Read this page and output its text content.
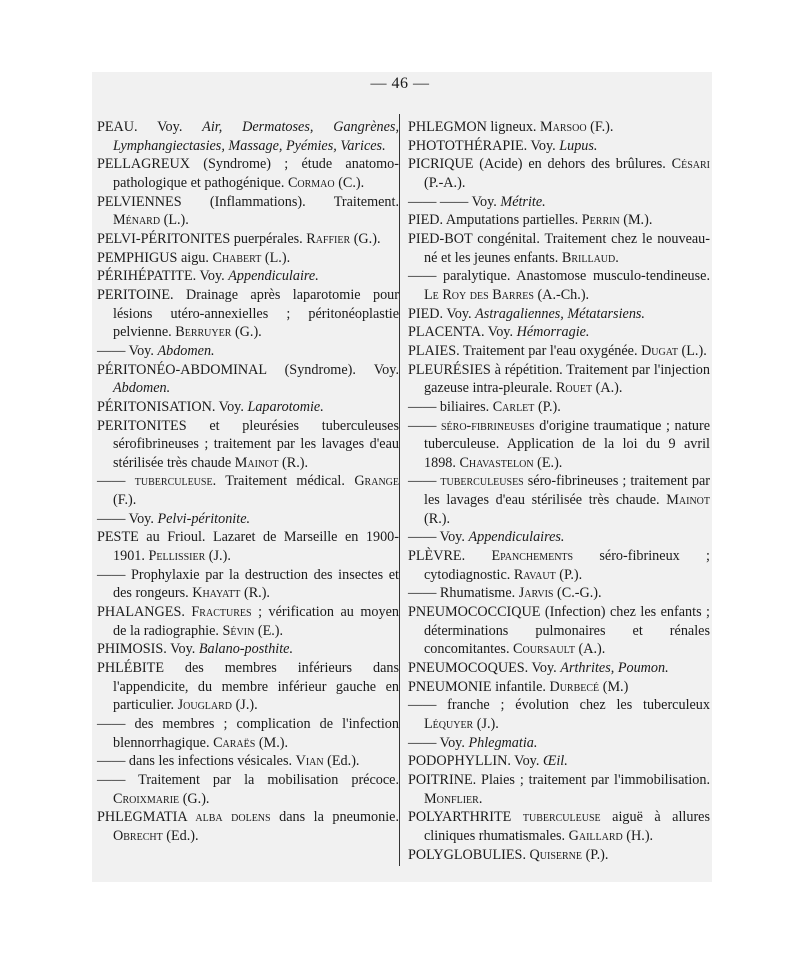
— 46 —

PEAU. Voy. Air, Dermatoses, Gangrènes, Lymphangiectasies, Massage, Pyémies, Varices.

PELLAGREUX (Syndrome) ; étude anatomo-pathologique et pathogénique. Cormao (C.).

PELVIENNES (Inflammations). Traitement. Ménard (L.).

PELVI-PÉRITONITES puerpérales. Raffier (G.).

PEMPHIGUS aigu. Chabert (L.).

PÉRIHÉPATITE. Voy. Appendiculaire.

PERITOINE. Drainage après laparotomie pour lésions utéro-annexielles ; péritonéoplastie pelvienne. Berruyer (G.).

—— Voy. Abdomen.

PÉRITONÉO-ABDOMINAL (Syndrome). Voy. Abdomen.

PÉRITONISATION. Voy. Laparotomie.

PERITONITES et pleurésies tuberculeuses sérofibrineuses ; traitement par les lavages d'eau stérilisée très chaude Mainot (R.).

—— tuberculeuse. Traitement médical. Grange (F.).

—— Voy. Pelvi-péritonite.

PESTE au Frioul. Lazaret de Marseille en 1900-1901. Pellissier (J.).

—— Prophylaxie par la destruction des insectes et des rongeurs. Khayatt (R.).

PHALANGES. Fractures ; vérification au moyen de la radiographie. Sévin (E.).

PHIMOSIS. Voy. Balano-posthite.

PHLÉBITE des membres inférieurs dans l'appendicite, du membre inférieur gauche en particulier. Jouglard (J.).

—— des membres ; complication de l'infection blennorrhagique. Caraës (M.).

—— dans les infections vésicales. Vian (Ed.).

—— Traitement par la mobilisation précoce. Croixmarie (G.).

PHLEGMATIA alba dolens dans la pneumonie. Obrecht (Ed.).

PHLEGMON ligneux. Marsoo (F.).

PHOTOTHÉRAPIE. Voy. Lupus.

PICRIQUE (Acide) en dehors des brûlures. Césari (P.-A.).

—— —— Voy. Métrite.

PIED. Amputations partielles. Perrin (M.).

PIED-BOT congénital. Traitement chez le nouveau-né et les jeunes enfants. Brillaud.

—— paralytique. Anastomose musculo-tendineuse. Le Roy des Barres (A.-Ch.).

PIED. Voy. Astragaliennes, Métatarsiens.

PLACENTA. Voy. Hémorragie.

PLAIES. Traitement par l'eau oxygénée. Dugat (L.).

PLEURÉSIES à répétition. Traitement par l'injection gazeuse intra-pleurale. Rouet (A.).

—— biliaires. Carlet (P.).

—— séro-fibrineuses d'origine traumatique ; nature tuberculeuse. Application de la loi du 9 avril 1898. Chavastelon (E.).

—— tuberculeuses séro-fibrineuses ; traitement par les lavages d'eau stérilisée très chaude. Mainot (R.).

—— Voy. Appendiculaires.

PLÈVRE. Epanchements séro-fibrineux ; cytodiagnostic. Ravaut (P.).

—— Rhumatisme. Jarvis (C.-G.).

PNEUMOCOCCIQUE (Infection) chez les enfants ; déterminations pulmonaires et rénales concomitantes. Coursault (A.).

PNEUMOCOQUES. Voy. Arthrites, Poumon.

PNEUMONIE infantile. Durbecé (M.)

—— franche ; évolution chez les tuberculeux Léquyer (J.).

—— Voy. Phlegmatia.

PODOPHYLLIN. Voy. Œil.

POITRINE. Plaies ; traitement par l'immobilisation. Monflier.

POLYARTHRITE tuberculeuse aiguë à allures cliniques rhumatismales. Gaillard (H.).

POLYGLOBULIES. Quiserne (P.).
